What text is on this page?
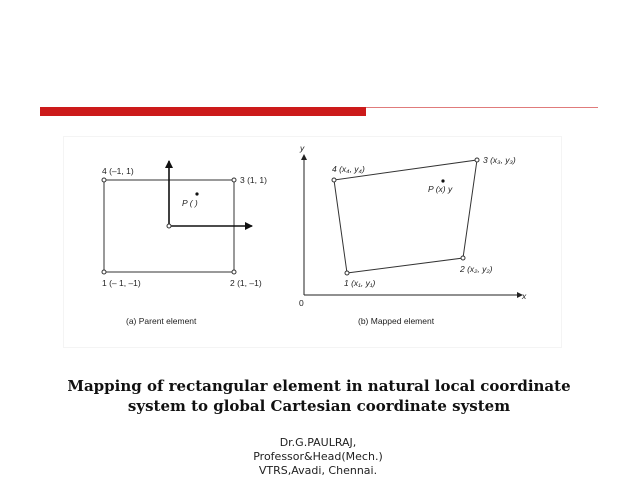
4 (–1, 1)
3 (1, 1)
1 (– 1, –1)	2 (1, –1)
P ( )
(a) Parent element
y
x
0
4 (x₄, y₄)
3 (x₃, y₃)
2 (x₂, y₂)
1 (x₁, y₁)
P (x) y
(b) Mapped element
Mapping of rectangular element in natural local coordinate
system to global Cartesian coordinate system
Dr.G.PAULRAJ,
Professor&Head(Mech.)
VTRS,Avadi, Chennai.
